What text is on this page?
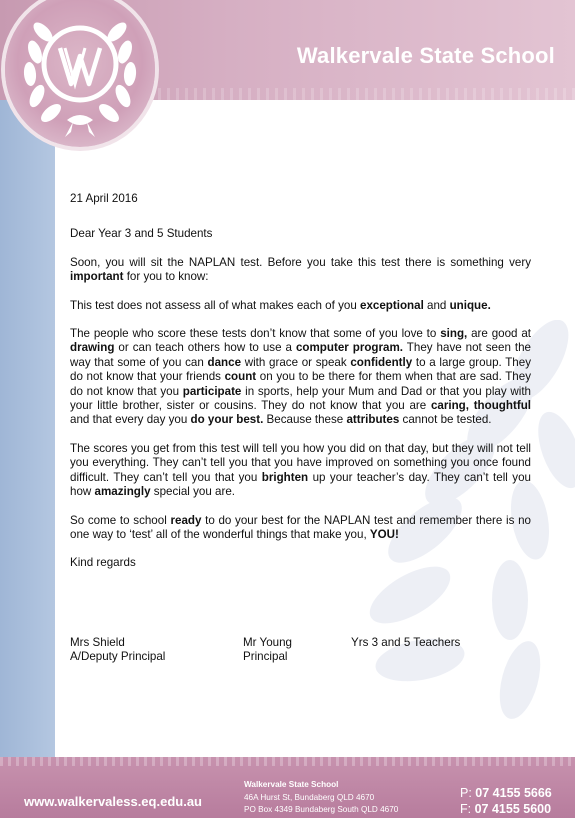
Walkervale State School

21 April 2016

Dear Year 3 and 5 Students

Soon, you will sit the NAPLAN test. Before you take this test there is something very important for you to know:

This test does not assess all of what makes each of you exceptional and unique.

The people who score these tests don’t know that some of you love to sing, are good at drawing or can teach others how to use a computer program. They have not seen the way that some of you can dance with grace or speak confidently to a large group. They do not know that your friends count on you to be there for them when that are sad. They do not know that you participate in sports, help your Mum and Dad or that you play with your little brother, sister or cousins. They do not know that you are caring, thoughtful and that every day you do your best. Because these attributes cannot be tested.

The scores you get from this test will tell you how you did on that day, but they will not tell you everything. They can’t tell you that you have improved on something you once found difficult. They can’t tell you that you brighten up your teacher’s day. They can’t tell you how amazingly special you are.

So come to school ready to do your best for the NAPLAN test and remember there is no one way to ‘test’ all of the wonderful things that make you, YOU!

Kind regards

Mrs Shield
A/Deputy Principal
Mr Young
Principal
Yrs 3 and 5 Teachers
www.walkervaless.eq.edu.au
Walkervale State School
46A Hurst St, Bundaberg QLD 4670
PO Box 4349 Bundaberg South QLD 4670
P: 07 4155 5666
F: 07 4155 5600
